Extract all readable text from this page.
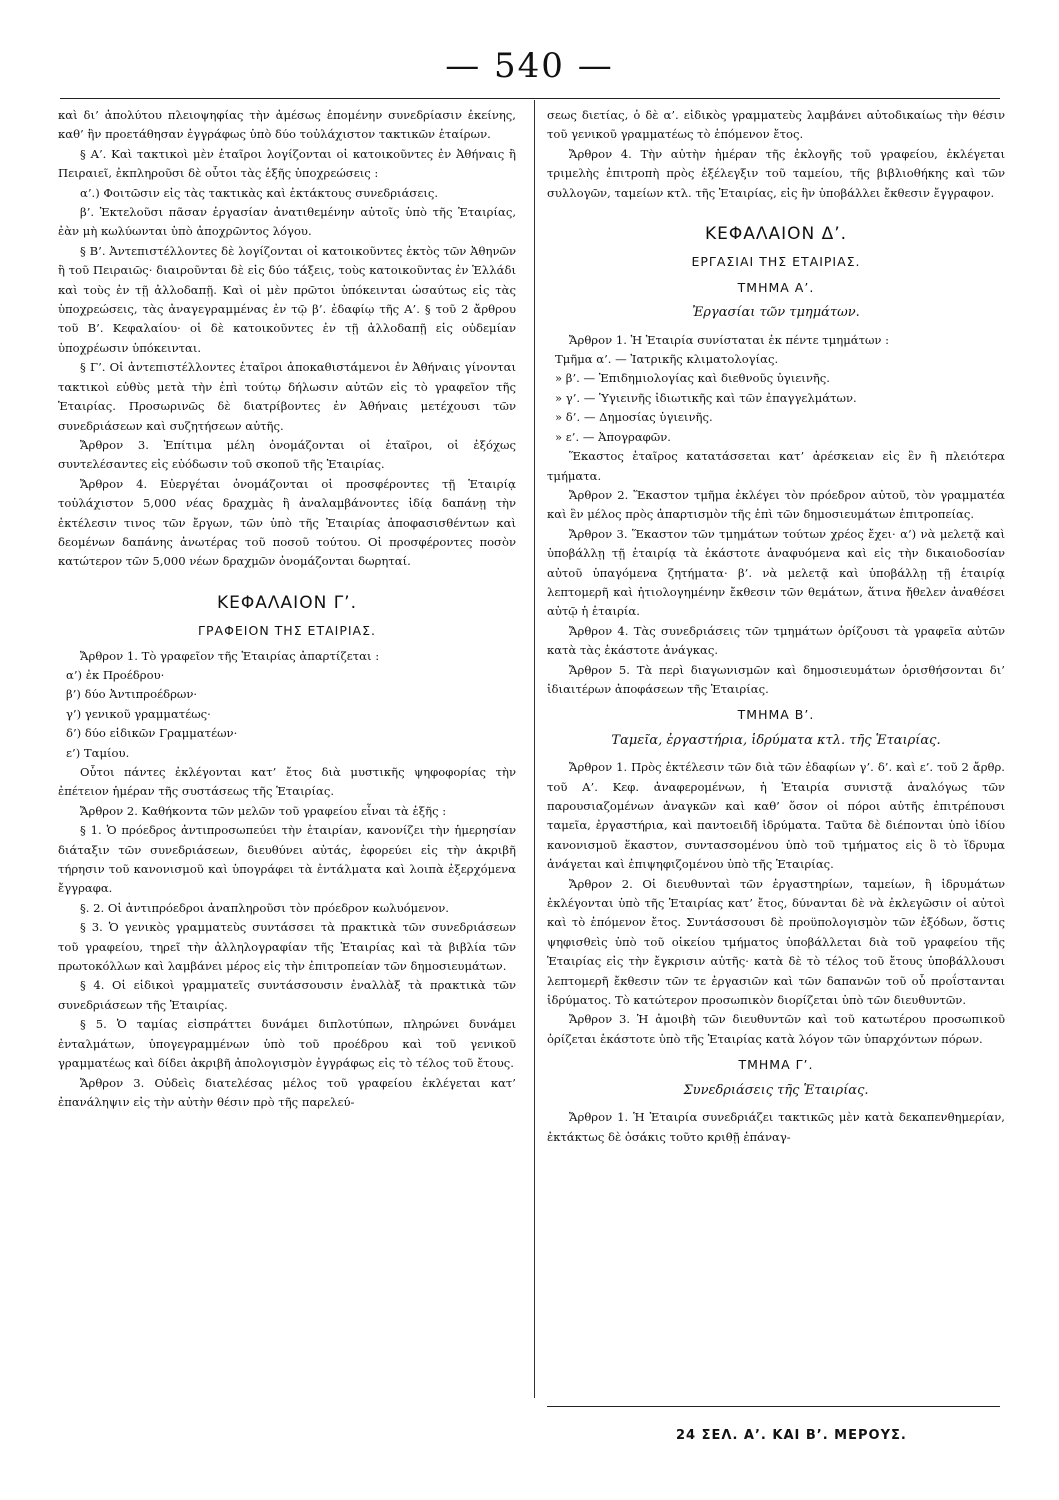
— 540 —

καὶ δι’ ἀπολύτου πλειοψηφίας τὴν ἀμέσως ἑπομένην συνεδρίασιν ἐκείνης, καθ’ ἣν προετάθησαν ἐγγράφως ὑπὸ δύο τοὐλάχιστον τακτικῶν ἑταίρων.

§ Α’. Καὶ τακτικοὶ μὲν ἑταῖροι λογίζονται οἱ κατοικοῦντες ἐν Ἀθήναις ἢ Πειραιεῖ, ἐκπληροῦσι δὲ οὗτοι τὰς ἑξῆς ὑποχρεώσεις :

α’.) Φοιτῶσιν εἰς τὰς τακτικὰς καὶ ἐκτάκτους συνεδριάσεις.

β’. Ἐκτελοῦσι πᾶσαν ἐργασίαν ἀνατιθεμένην αὐτοῖς ὑπὸ τῆς Ἑταιρίας, ἐὰν μὴ κωλύωνται ὑπὸ ἀποχρῶντος λόγου.

§ Β’. Ἀντεπιστέλλοντες δὲ λογίζονται οἱ κατοικοῦντες ἐκτὸς τῶν Ἀθηνῶν ἢ τοῦ Πειραιῶς· διαιροῦνται δὲ εἰς δύο τάξεις, τοὺς κατοικοῦντας ἐν Ἑλλάδι καὶ τοὺς ἐν τῇ ἀλλοδαπῇ. Καὶ οἱ μὲν πρῶτοι ὑπόκεινται ὡσαύτως εἰς τὰς ὑποχρεώσεις, τὰς ἀναγεγραμμένας ἐν τῷ β’. ἐδαφίῳ τῆς Α’. § τοῦ 2 ἄρθρου τοῦ Β’. Κεφαλαίου· οἱ δὲ κατοικοῦντες ἐν τῇ ἀλλοδαπῇ εἰς οὐδεμίαν ὑποχρέωσιν ὑπόκεινται.

§ Γ’. Οἱ ἀντεπιστέλλοντες ἑταῖροι ἀποκαθιστάμενοι ἐν Ἀθήναις γίνονται τακτικοὶ εὐθὺς μετὰ τὴν ἐπὶ τούτῳ δήλωσιν αὐτῶν εἰς τὸ γραφεῖον τῆς Ἑταιρίας. Προσωρινῶς δὲ διατρίβοντες ἐν Ἀθήναις μετέχουσι τῶν συνεδριάσεων καὶ συζητήσεων αὐτῆς.

Ἄρθρον 3. Ἐπίτιμα μέλη ὀνομάζονται οἱ ἑταῖροι, οἱ ἐξόχως συντελέσαντες εἰς εὐόδωσιν τοῦ σκοποῦ τῆς Ἑταιρίας.

Ἄρθρον 4. Εὐεργέται ὀνομάζονται οἱ προσφέροντες τῇ Ἑταιρίᾳ τοὐλάχιστον 5,000 νέας δραχμὰς ἢ ἀναλαμβάνοντες ἰδίᾳ δαπάνῃ τὴν ἐκτέλεσιν τινος τῶν ἔργων, τῶν ὑπὸ τῆς Ἑταιρίας ἀποφασισθέντων καὶ δεομένων δαπάνης ἀνωτέρας τοῦ ποσοῦ τούτου. Οἱ προσφέροντες ποσὸν κατώτερον τῶν 5,000 νέων δραχμῶν ὀνομάζονται δωρηταί.

ΚΕΦΑΛΑΙΟΝ Γ’.

ΓΡΑΦΕΙΟΝ ΤΗΣ ΕΤΑΙΡΙΑΣ.

Ἄρθρον 1. Τὸ γραφεῖον τῆς Ἑταιρίας ἀπαρτίζεται :

α’) ἐκ Προέδρου·

β’) δύο Ἀντιπροέδρων·

γ’) γενικοῦ γραμματέως·

δ’) δύο εἰδικῶν Γραμματέων·

ε’) Ταμίου.

Οὗτοι πάντες ἐκλέγονται κατ’ ἔτος διὰ μυστικῆς ψηφοφορίας τὴν ἐπέτειον ἡμέραν τῆς συστάσεως τῆς Ἑταιρίας.

Ἄρθρον 2. Καθήκοντα τῶν μελῶν τοῦ γραφείου εἶναι τὰ ἑξῆς :

§ 1. Ὁ πρόεδρος ἀντιπροσωπεύει τὴν ἑταιρίαν, κανονίζει τὴν ἡμερησίαν διάταξιν τῶν συνεδριάσεων, διευθύνει αὐτάς, ἐφορεύει εἰς τὴν ἀκριβῆ τήρησιν τοῦ κανονισμοῦ καὶ ὑπογράφει τὰ ἐντάλματα καὶ λοιπὰ ἐξερχόμενα ἔγγραφα.

§. 2. Οἱ ἀντιπρόεδροι ἀναπληροῦσι τὸν πρόεδρον κωλυόμενον.

§ 3. Ὁ γενικὸς γραμματεὺς συντάσσει τὰ πρακτικὰ τῶν συνεδριάσεων τοῦ γραφείου, τηρεῖ τὴν ἀλληλογραφίαν τῆς Ἑταιρίας καὶ τὰ βιβλία τῶν πρωτοκόλλων καὶ λαμβάνει μέρος εἰς τὴν ἐπιτροπείαν τῶν δημοσιευμάτων.

§ 4. Οἱ εἰδικοὶ γραμματεῖς συντάσσουσιν ἐναλλὰξ τὰ πρακτικὰ τῶν συνεδριάσεων τῆς Ἑταιρίας.

§ 5. Ὁ ταμίας εἰσπράττει δυνάμει διπλοτύπων, πληρώνει δυνάμει ἐνταλμάτων, ὑπογεγραμμένων ὑπὸ τοῦ προέδρου καὶ τοῦ γενικοῦ γραμματέως καὶ δίδει ἀκριβῆ ἀπολογισμὸν ἐγγράφως εἰς τὸ τέλος τοῦ ἔτους.

Ἄρθρον 3. Οὐδεὶς διατελέσας μέλος τοῦ γραφείου ἐκλέγεται κατ’ ἐπανάληψιν εἰς τὴν αὐτὴν θέσιν πρὸ τῆς παρελεύ-

σεως διετίας, ὁ δὲ α’. εἰδικὸς γραμματεὺς λαμβάνει αὐτοδικαίως τὴν θέσιν τοῦ γενικοῦ γραμματέως τὸ ἑπόμενον ἔτος.

Ἄρθρον 4. Τὴν αὐτὴν ἡμέραν τῆς ἐκλογῆς τοῦ γραφείου, ἐκλέγεται τριμελὴς ἐπιτροπὴ πρὸς ἐξέλεγξιν τοῦ ταμείου, τῆς βιβλιοθήκης καὶ τῶν συλλογῶν, ταμείων κτλ. τῆς Ἑταιρίας, εἰς ἣν ὑποβάλλει ἔκθεσιν ἔγγραφον.

ΚΕΦΑΛΑΙΟΝ Δ’.

ΕΡΓΑΣΙΑΙ ΤΗΣ ΕΤΑΙΡΙΑΣ.

ΤΜΗΜΑ Α’.

Ἐργασίαι τῶν τμημάτων.

Ἄρθρον 1. Ἡ Ἑταιρία συνίσταται ἐκ πέντε τμημάτων :

Τμῆμα α’. — Ἰατρικῆς κλιματολογίας.

» β’. — Ἐπιδημιολογίας καὶ διεθνοῦς ὑγιεινῆς.

» γ’. — Ὑγιεινῆς ἰδιωτικῆς καὶ τῶν ἐπαγγελμάτων.

» δ’. — Δημοσίας ὑγιεινῆς.

» ε’. — Ἀπογραφῶν.

Ἕκαστος ἑταῖρος κατατάσσεται κατ’ ἀρέσκειαν εἰς ἓν ἢ πλειότερα τμήματα.

Ἄρθρον 2. Ἕκαστον τμῆμα ἐκλέγει τὸν πρόεδρον αὐτοῦ, τὸν γραμματέα καὶ ἓν μέλος πρὸς ἀπαρτισμὸν τῆς ἐπὶ τῶν δημοσιευμάτων ἐπιτροπείας.

Ἄρθρον 3. Ἕκαστον τῶν τμημάτων τούτων χρέος ἔχει· α’) νὰ μελετᾷ καὶ ὑποβάλλῃ τῇ ἑταιρίᾳ τὰ ἑκάστοτε ἀναφυόμενα καὶ εἰς τὴν δικαιοδοσίαν αὐτοῦ ὑπαγόμενα ζητήματα· β’. νὰ μελετᾷ καὶ ὑποβάλλῃ τῇ ἑταιρίᾳ λεπτομερῆ καὶ ἠτιολογημένην ἔκθεσιν τῶν θεμάτων, ἅτινα ἤθελεν ἀναθέσει αὐτῷ ἡ ἑταιρία.

Ἄρθρον 4. Τὰς συνεδριάσεις τῶν τμημάτων ὁρίζουσι τὰ γραφεῖα αὐτῶν κατὰ τὰς ἑκάστοτε ἀνάγκας.

Ἄρθρον 5. Τὰ περὶ διαγωνισμῶν καὶ δημοσιευμάτων ὁρισθήσονται δι’ ἰδιαιτέρων ἀποφάσεων τῆς Ἑταιρίας.

ΤΜΗΜΑ Β’.

Ταμεῖα, ἐργαστήρια, ἱδρύματα κτλ. τῆς Ἑταιρίας.

Ἄρθρον 1. Πρὸς ἐκτέλεσιν τῶν διὰ τῶν ἐδαφίων γ’. δ’. καὶ ε’. τοῦ 2 ἄρθρ. τοῦ Α’. Κεφ. ἀναφερομένων, ἡ Ἑταιρία συνιστᾷ ἀναλόγως τῶν παρουσιαζομένων ἀναγκῶν καὶ καθ’ ὅσον οἱ πόροι αὐτῆς ἐπιτρέπουσι ταμεῖα, ἐργαστήρια, καὶ παντοειδῆ ἱδρύματα. Ταῦτα δὲ διέπονται ὑπὸ ἰδίου κανονισμοῦ ἕκαστον, συντασσομένου ὑπὸ τοῦ τμήματος εἰς ὃ τὸ ἵδρυμα ἀνάγεται καὶ ἐπιψηφιζομένου ὑπὸ τῆς Ἑταιρίας.

Ἄρθρον 2. Οἱ διευθυνταὶ τῶν ἐργαστηρίων, ταμείων, ἢ ἱδρυμάτων ἐκλέγονται ὑπὸ τῆς Ἑταιρίας κατ’ ἔτος, δύνανται δὲ νὰ ἐκλεγῶσιν οἱ αὐτοὶ καὶ τὸ ἑπόμενον ἔτος. Συντάσσουσι δὲ προϋπολογισμὸν τῶν ἐξόδων, ὅστις ψηφισθεὶς ὑπὸ τοῦ οἰκείου τμήματος ὑποβάλλεται διὰ τοῦ γραφείου τῆς Ἑταιρίας εἰς τὴν ἔγκρισιν αὐτῆς· κατὰ δὲ τὸ τέλος τοῦ ἔτους ὑποβάλλουσι λεπτομερῆ ἔκθεσιν τῶν τε ἐργασιῶν καὶ τῶν δαπανῶν τοῦ οὗ προΐστανται ἱδρύματος. Τὸ κατώτερον προσωπικὸν διορίζεται ὑπὸ τῶν διευθυντῶν.

Ἄρθρον 3. Ἡ ἀμοιβὴ τῶν διευθυντῶν καὶ τοῦ κατωτέρου προσωπικοῦ ὁρίζεται ἑκάστοτε ὑπὸ τῆς Ἑταιρίας κατὰ λόγον τῶν ὑπαρχόντων πόρων.

ΤΜΗΜΑ Γ’.

Συνεδριάσεις τῆς Ἑταιρίας.

Ἄρθρον 1. Ἡ Ἑταιρία συνεδριάζει τακτικῶς μὲν κατὰ δεκαπενθημερίαν, ἐκτάκτως δὲ ὁσάκις τοῦτο κριθῇ ἐπάναγ-

24 ΣΕΛ. Α’. ΚΑΙ Β’. ΜΕΡΟΥΣ.
